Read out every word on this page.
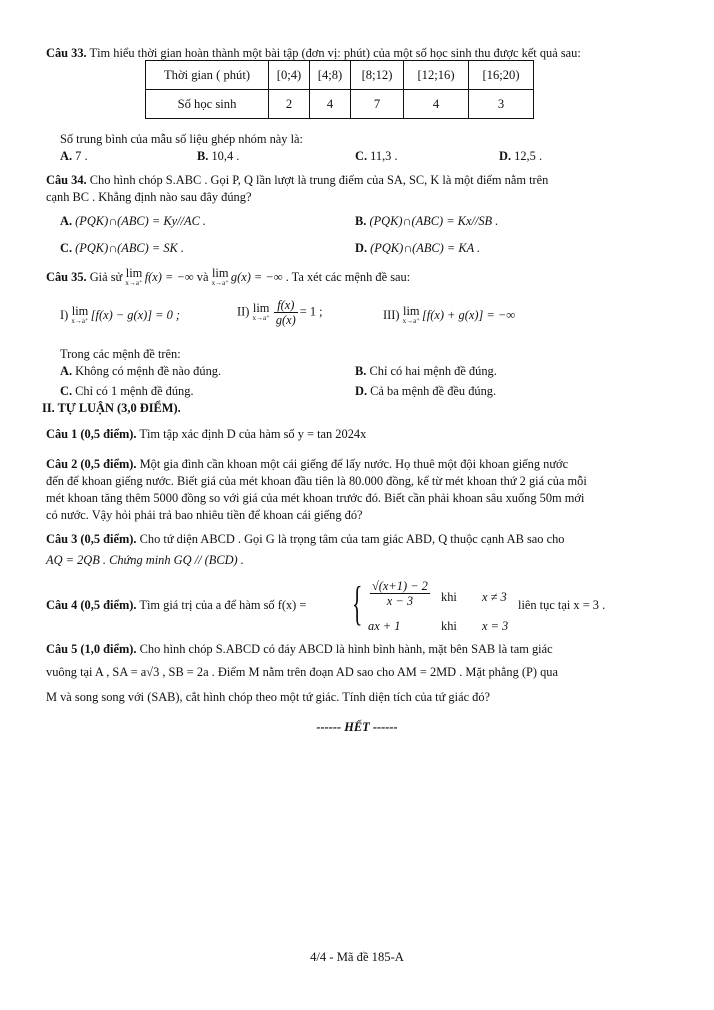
Câu 33. Tìm hiểu thời gian hoàn thành một bài tập (đơn vị: phút) của một số học sinh thu được kết quả sau:
Thời gian ( phút)	[0;4)	[4;8)	[8;12)	[12;16)	[16;20)
Số học sinh	2	4	7	4	3
Số trung bình của mẫu số liệu ghép nhóm này là:
A. 7 .	B. 10,4 .	C. 11,3 .	D. 12,5 .
Câu 34. Cho hình chóp S.ABC . Gọi P, Q lần lượt là trung điểm của SA, SC, K là một điểm nằm trên
cạnh BC . Khẳng định nào sau đây đúng?
A. (PQK)∩(ABC) = Ky//AC .	B. (PQK)∩(ABC) = Kx//SB .
C. (PQK)∩(ABC) = SK .	D. (PQK)∩(ABC) = KA .
Câu 35. Giả sử lim
x→a⁺ f(x) = −∞ và lim
x→a⁺ g(x) = −∞ . Ta xét các mệnh đề sau:
I) lim
x→a⁺ [f(x) − g(x)] = 0 ;	II) lim
$x\to a^+ \frac{f(x)}{g(x)} = 1$ ;	III) lim
x→a⁺ [f(x) + g(x)] = −∞
Trong các mệnh đề trên:
A. Không có mệnh đề nào đúng.	B. Chỉ có hai mệnh đề đúng.
C. Chỉ có 1 mệnh đề đúng.	D. Cả ba mệnh đề đều đúng.
II. TỰ LUẬN (3,0 ĐIỂM).
Câu 1 (0,5 điểm). Tìm tập xác định D của hàm số y = tan 2024x
Câu 2 (0,5 điểm). Một gia đình cần khoan một cái giếng để lấy nước. Họ thuê một đội khoan giếng nước
đến để khoan giếng nước. Biết giá của mét khoan đầu tiên là 80.000 đồng, kể từ mét khoan thứ 2 giá của mỗi
mét khoan tăng thêm 5000 đồng so với giá của mét khoan trước đó. Biết cần phải khoan sâu xuống 50m mới
có nước. Vậy hỏi phải trả bao nhiêu tiền để khoan cái giếng đó?
Câu 3 (0,5 điểm). Cho tứ diện ABCD . Gọi G là trọng tâm của tam giác ABD, Q thuộc cạnh AB sao cho
AQ = 2QB . Chứng minh GQ // (BCD) .
Câu 4 (0,5 điểm). Tìm giá trị của a để hàm số f(x) = { $\frac{√(x+1) - 2}{x - 3}$ khi x ≠ 3
ax + 1	khi x = 3
liên tục tại x = 3 .
Câu 5 (1,0 điểm). Cho hình chóp S.ABCD có đáy ABCD là hình bình hành, mặt bên SAB là tam giác
vuông tại A , SA = a√3 , SB = 2a . Điểm M nằm trên đoạn AD sao cho AM = 2MD . Mặt phẳng (P) qua
M và song song với (SAB), cắt hình chóp theo một tứ giác. Tính diện tích của tứ giác đó?
------ HẾT ------
4/4 - Mã đề 185-A
